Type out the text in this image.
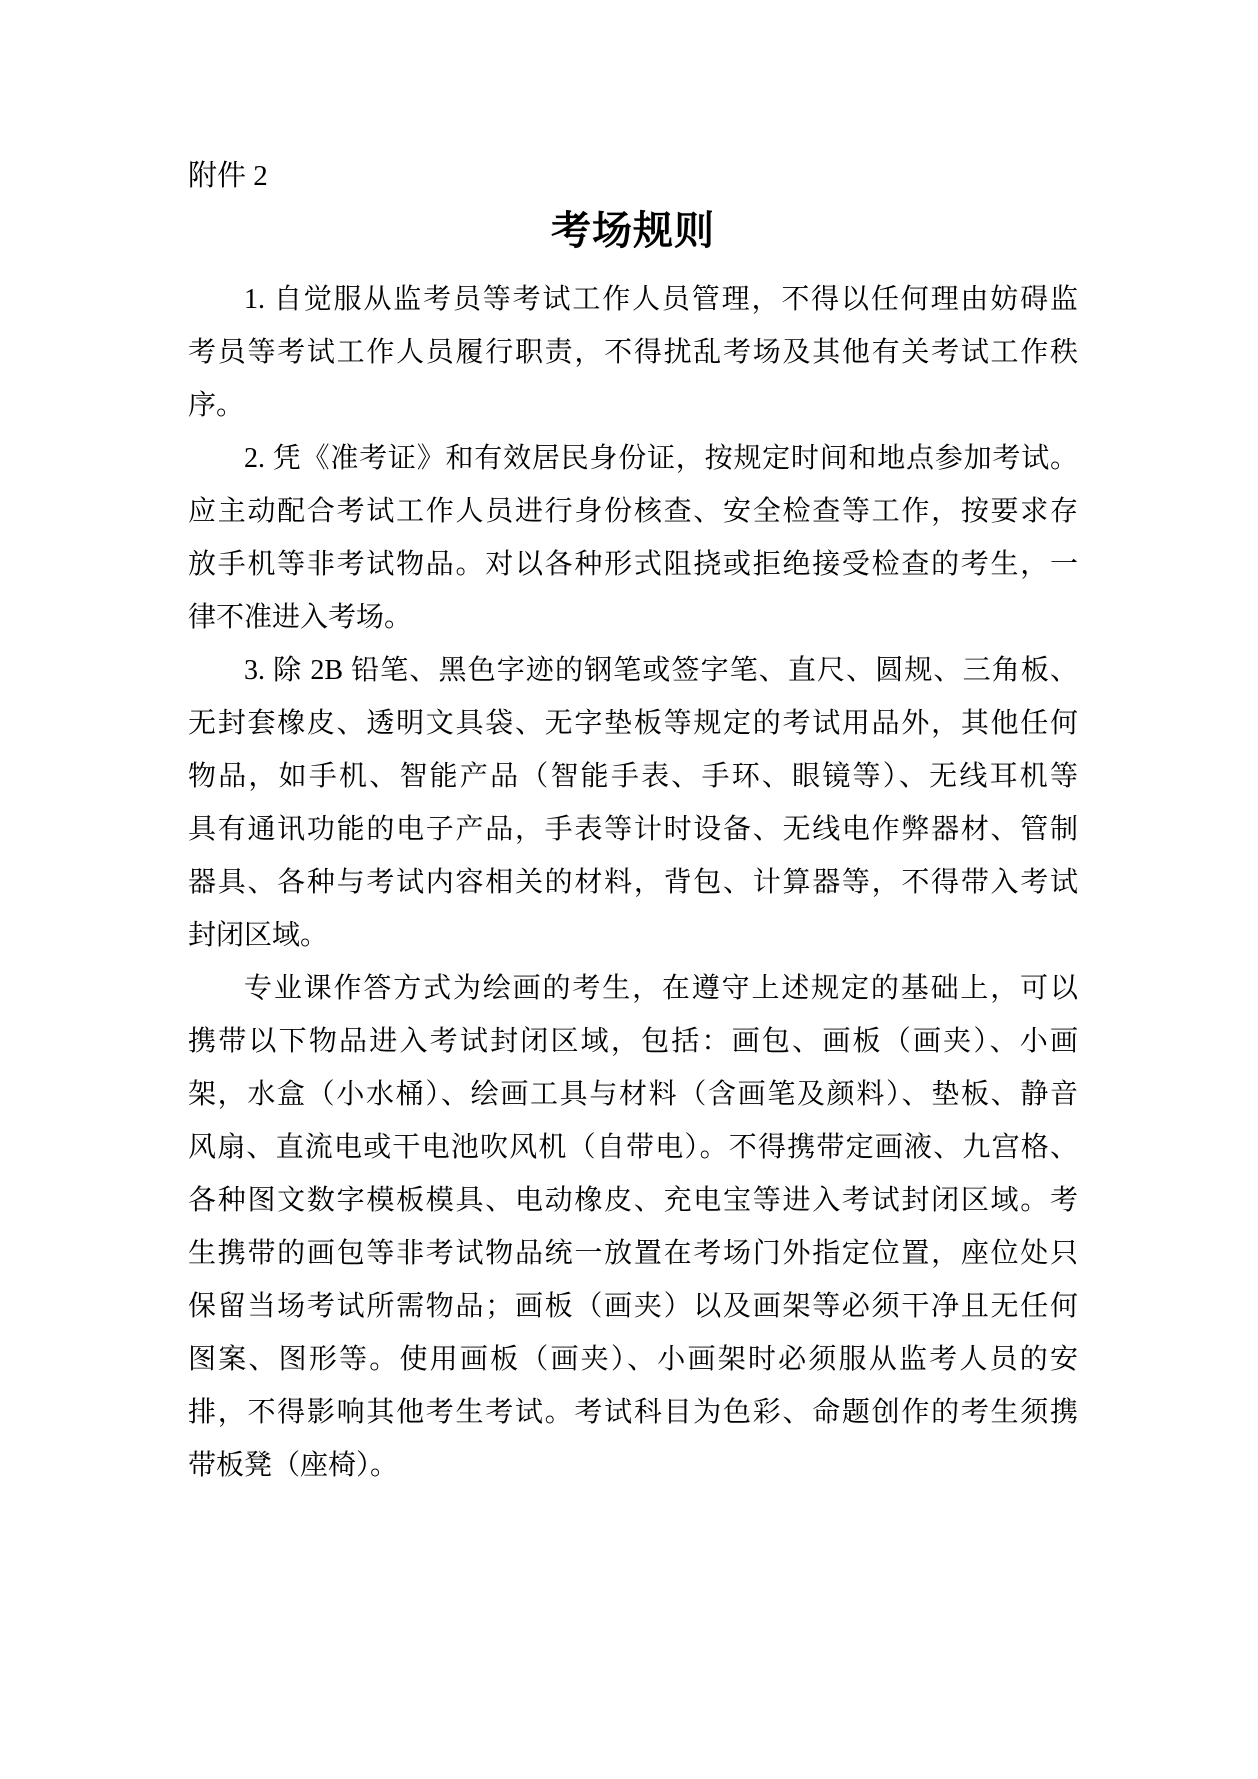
附件 2
考场规则
1. 自觉服从监考员等考试工作人员管理，不得以任何理由妨碍监
考员等考试工作人员履行职责，不得扰乱考场及其他有关考试工作秩
序。
2. 凭《准考证》和有效居民身份证，按规定时间和地点参加考试。
应主动配合考试工作人员进行身份核查、安全检查等工作，按要求存
放手机等非考试物品。对以各种形式阻挠或拒绝接受检查的考生，一
律不准进入考场。
3. 除 2B 铅笔、黑色字迹的钢笔或签字笔、直尺、圆规、三角板、
无封套橡皮、透明文具袋、无字垫板等规定的考试用品外，其他任何
物品，如手机、智能产品（智能手表、手环、眼镜等）、无线耳机等
具有通讯功能的电子产品，手表等计时设备、无线电作弊器材、管制
器具、各种与考试内容相关的材料，背包、计算器等，不得带入考试
封闭区域。
专业课作答方式为绘画的考生，在遵守上述规定的基础上，可以
携带以下物品进入考试封闭区域，包括：画包、画板（画夹）、小画
架，水盒（小水桶）、绘画工具与材料（含画笔及颜料）、垫板、静音
风扇、直流电或干电池吹风机（自带电）。不得携带定画液、九宫格、
各种图文数字模板模具、电动橡皮、充电宝等进入考试封闭区域。考
生携带的画包等非考试物品统一放置在考场门外指定位置，座位处只
保留当场考试所需物品；画板（画夹）以及画架等必须干净且无任何
图案、图形等。使用画板（画夹）、小画架时必须服从监考人员的安
排，不得影响其他考生考试。考试科目为色彩、命题创作的考生须携
带板凳（座椅）。
